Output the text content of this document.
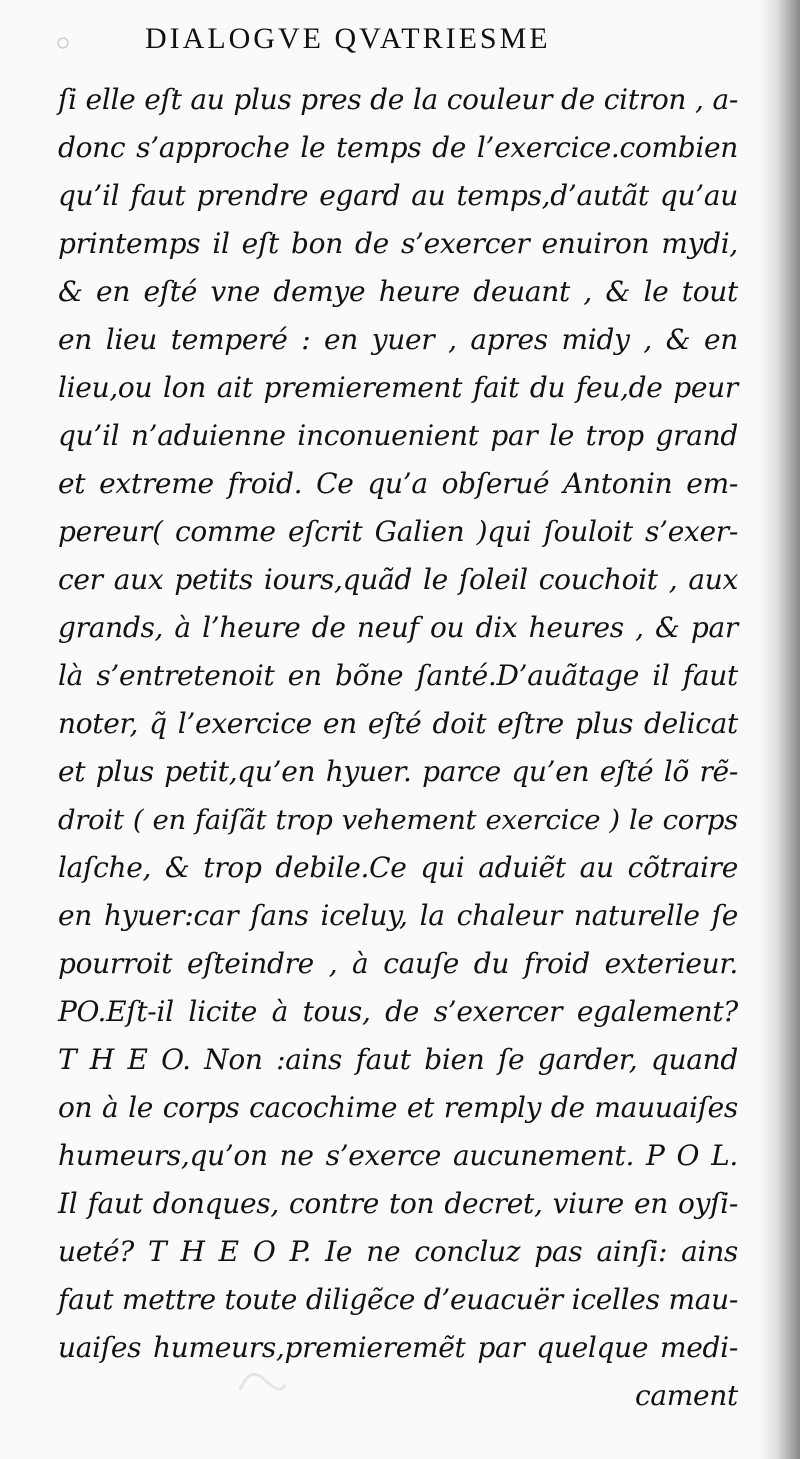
DIALOGVE QVATRIESME
ſi elle eſt au plus pres de la couleur de citron , a-
donc s’approche le temps de l’exercice.combien
qu’il faut prendre egard au temps,d’autãt qu’au
printemps il eſt bon de s’exercer enuiron mydi,
& en eſté vne demye heure deuant , & le tout
en lieu temperé : en yuer , apres midy , & en
lieu,ou lon ait premierement fait du feu,de peur
qu’il n’aduienne inconuenient par le trop grand
et extreme froid. Ce qu’a obſerué Antonin em-
pereur( comme eſcrit Galien )qui ſouloit s’exer-
cer aux petits iours,quãd le ſoleil couchoit , aux
grands, à l’heure de neuf ou dix heures , & par
là s’entretenoit en bõne ſanté.D’auãtage il faut
noter, q̃ l’exercice en eſté doit eſtre plus delicat
et plus petit,qu’en hyuer. parce qu’en eſté lõ rẽ-
droit ( en faiſãt trop vehement exercice ) le corps
laſche, & trop debile.Ce qui aduiẽt au cõtraire
en hyuer:car ſans iceluy, la chaleur naturelle ſe
pourroit eſteindre , à cauſe du froid exterieur.
PO.Eſt-il licite à tous, de s’exercer egalement?
T H E O. Non :ains faut bien ſe garder, quand
on à le corps cacochime et remply de mauuaiſes
humeurs,qu’on ne s’exerce aucunement. P O L.
Il faut donques, contre ton decret, viure en oyſi-
ueté? T H E O P. Ie ne concluz pas ainſi: ains
faut mettre toute diligẽce d’euacuër icelles mau-
uaiſes humeurs,premieremẽt par quelque medi-
cament
